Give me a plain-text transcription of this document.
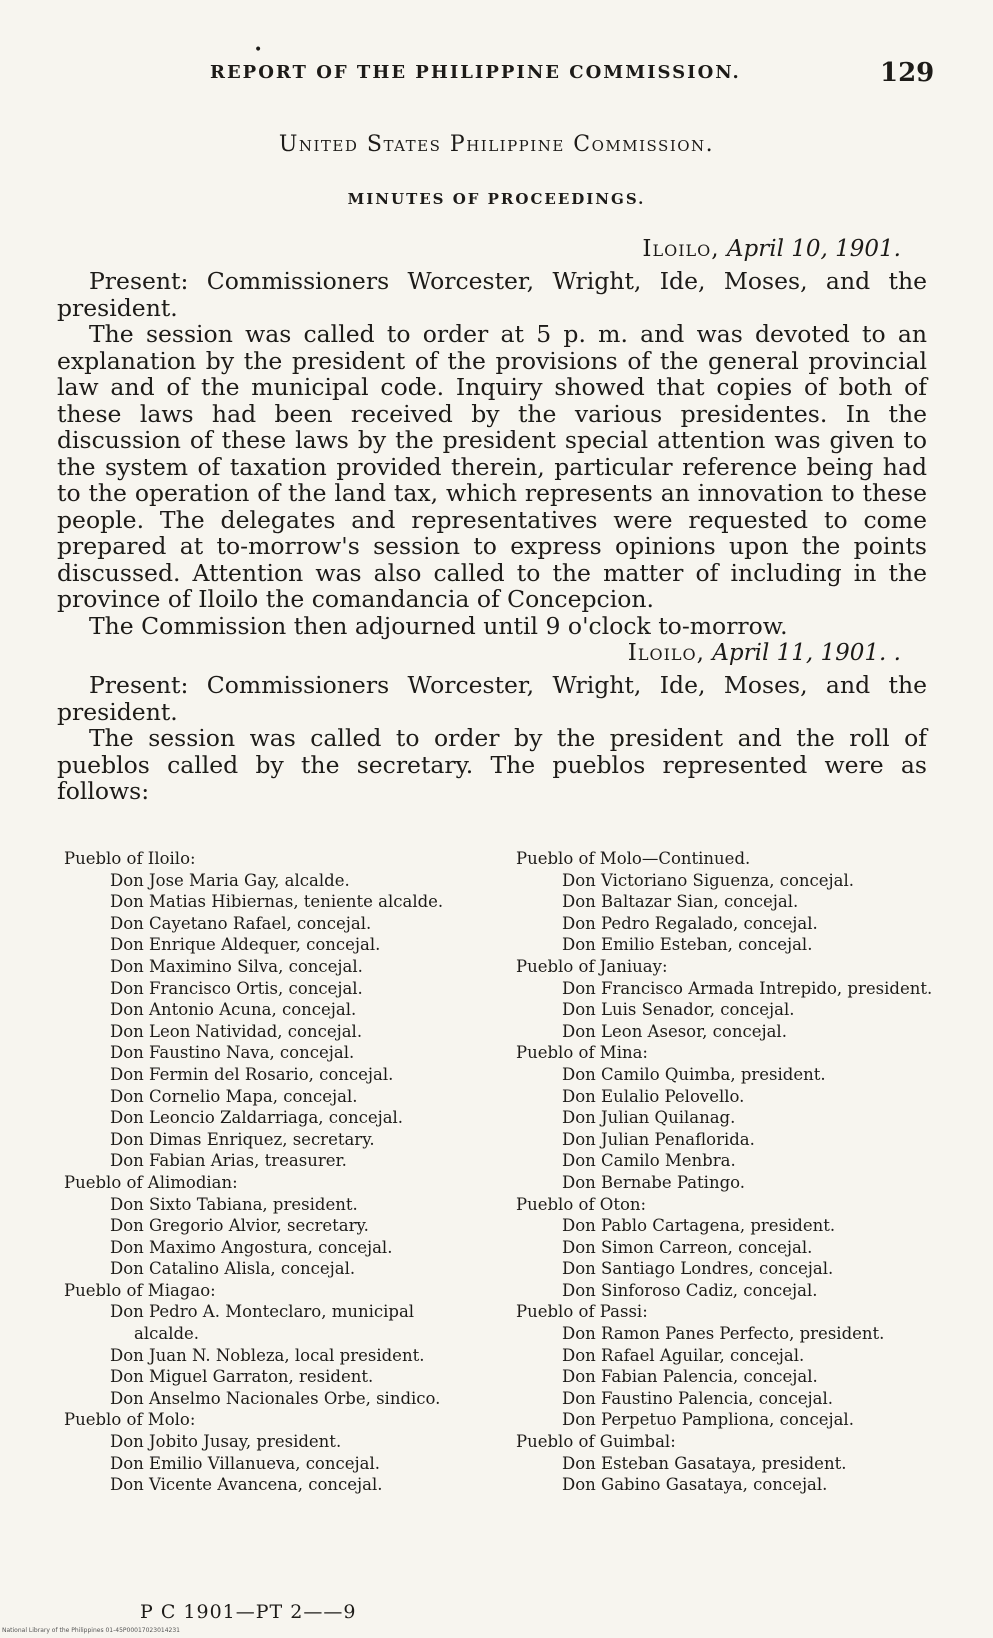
•
REPORT OF THE PHILIPPINE COMMISSION.	129
United States Philippine Commission.
MINUTES OF PROCEEDINGS.
Iloilo, April 10, 1901.

Present: Commissioners Worcester, Wright, Ide, Moses, and the president.

The session was called to order at 5 p. m. and was devoted to an explanation by the president of the provisions of the general provincial law and of the municipal code. Inquiry showed that copies of both of these laws had been received by the various presidentes. In the discussion of these laws by the president special attention was given to the system of taxation provided therein, particular reference being had to the operation of the land tax, which represents an innovation to these people. The delegates and representatives were requested to come prepared at to-morrow's session to express opinions upon the points discussed. Attention was also called to the matter of including in the province of Iloilo the comandancia of Concepcion.

The Commission then adjourned until 9 o'clock to-morrow.

Iloilo, April 11, 1901. .

Present: Commissioners Worcester, Wright, Ide, Moses, and the president.

The session was called to order by the president and the roll of pueblos called by the secretary. The pueblos represented were as follows:

Pueblo of Iloilo:

Don Jose Maria Gay, alcalde.

Don Matias Hibiernas, teniente alcalde.

Don Cayetano Rafael, concejal.

Don Enrique Aldequer, concejal.

Don Maximino Silva, concejal.

Don Francisco Ortis, concejal.

Don Antonio Acuna, concejal.

Don Leon Natividad, concejal.

Don Faustino Nava, concejal.

Don Fermin del Rosario, concejal.

Don Cornelio Mapa, concejal.

Don Leoncio Zaldarriaga, concejal.

Don Dimas Enriquez, secretary.

Don Fabian Arias, treasurer.

Pueblo of Alimodian:

Don Sixto Tabiana, president.

Don Gregorio Alvior, secretary.

Don Maximo Angostura, concejal.

Don Catalino Alisla, concejal.

Pueblo of Miagao:

Don Pedro A. Monteclaro, municipal alcalde.

Don Juan N. Nobleza, local president.

Don Miguel Garraton, resident.

Don Anselmo Nacionales Orbe, sindico.

Pueblo of Molo:

Don Jobito Jusay, president.

Don Emilio Villanueva, concejal.

Don Vicente Avancena, concejal.

Pueblo of Molo—Continued.

Don Victoriano Siguenza, concejal.

Don Baltazar Sian, concejal.

Don Pedro Regalado, concejal.

Don Emilio Esteban, concejal.

Pueblo of Janiuay:

Don Francisco Armada Intrepido, president.

Don Luis Senador, concejal.

Don Leon Asesor, concejal.

Pueblo of Mina:

Don Camilo Quimba, president.

Don Eulalio Pelovello.

Don Julian Quilanag.

Don Julian Penaflorida.

Don Camilo Menbra.

Don Bernabe Patingo.

Pueblo of Oton:

Don Pablo Cartagena, president.

Don Simon Carreon, concejal.

Don Santiago Londres, concejal.

Don Sinforoso Cadiz, concejal.

Pueblo of Passi:

Don Ramon Panes Perfecto, president.

Don Rafael Aguilar, concejal.

Don Fabian Palencia, concejal.

Don Faustino Palencia, concejal.

Don Perpetuo Pampliona, concejal.

Pueblo of Guimbal:

Don Esteban Gasataya, president.

Don Gabino Gasataya, concejal.

P C 1901—PT 2——9
National Library of the Philippines 01-45P00017023014231
